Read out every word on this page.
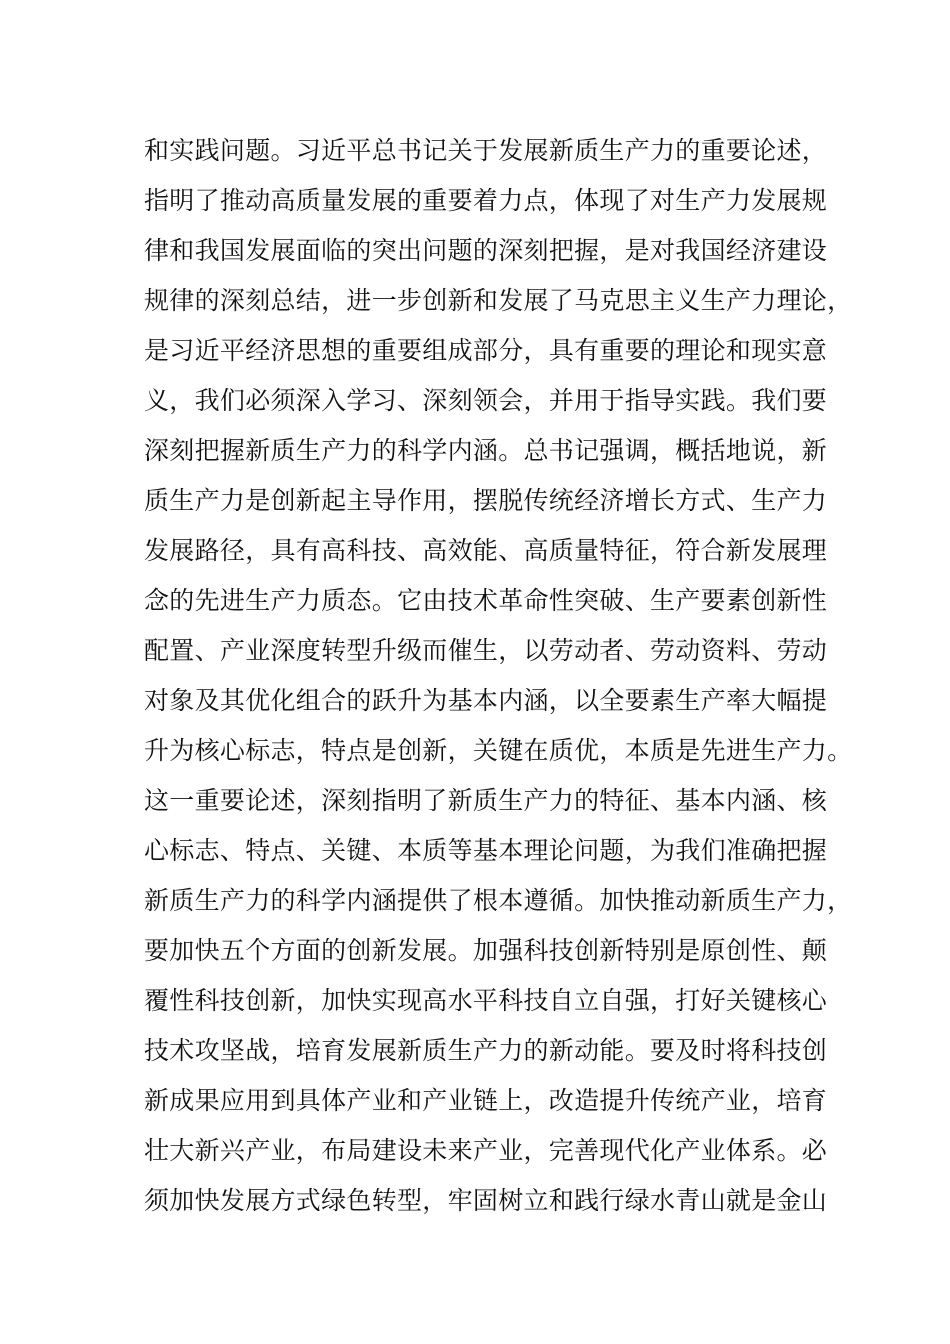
和实践问题。习近平总书记关于发展新质生产力的重要论述，
指明了推动高质量发展的重要着力点，体现了对生产力发展规
律和我国发展面临的突出问题的深刻把握，是对我国经济建设
规律的深刻总结，进一步创新和发展了马克思主义生产力理论，
是习近平经济思想的重要组成部分，具有重要的理论和现实意
义，我们必须深入学习、深刻领会，并用于指导实践。我们要
深刻把握新质生产力的科学内涵。总书记强调，概括地说，新
质生产力是创新起主导作用，摆脱传统经济增长方式、生产力
发展路径，具有高科技、高效能、高质量特征，符合新发展理
念的先进生产力质态。它由技术革命性突破、生产要素创新性
配置、产业深度转型升级而催生，以劳动者、劳动资料、劳动
对象及其优化组合的跃升为基本内涵，以全要素生产率大幅提
升为核心标志，特点是创新，关键在质优，本质是先进生产力。
这一重要论述，深刻指明了新质生产力的特征、基本内涵、核
心标志、特点、关键、本质等基本理论问题，为我们准确把握
新质生产力的科学内涵提供了根本遵循。加快推动新质生产力，
要加快五个方面的创新发展。加强科技创新特别是原创性、颠
覆性科技创新，加快实现高水平科技自立自强，打好关键核心
技术攻坚战，培育发展新质生产力的新动能。要及时将科技创
新成果应用到具体产业和产业链上，改造提升传统产业，培育
壮大新兴产业，布局建设未来产业，完善现代化产业体系。必
须加快发展方式绿色转型，牢固树立和践行绿水青山就是金山
